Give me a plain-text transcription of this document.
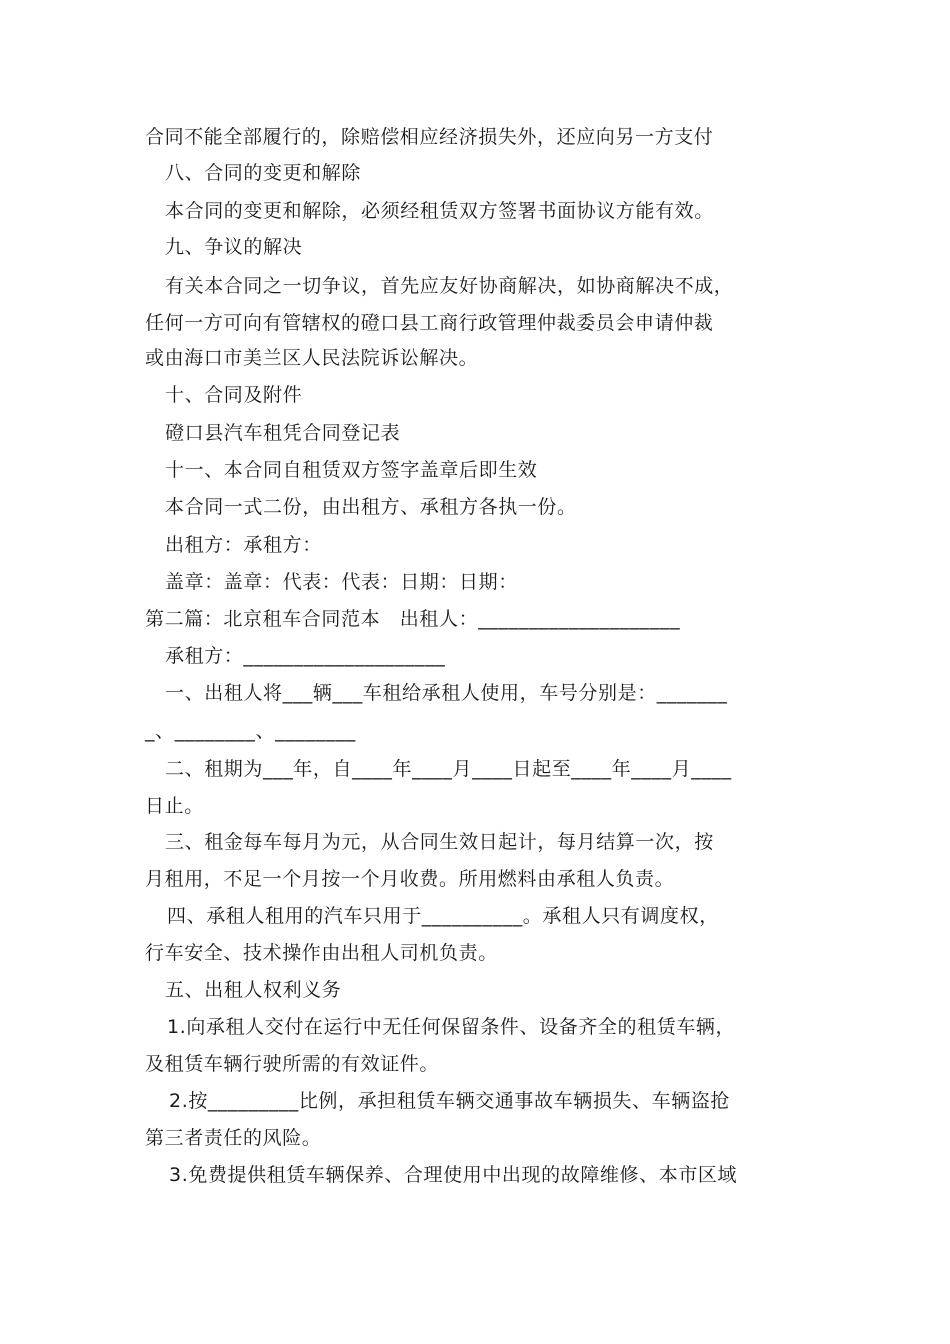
合同不能全部履行的，除赔偿相应经济损失外，还应向另一方支付
八、合同的变更和解除
本合同的变更和解除，必须经租赁双方签署书面协议方能有效。
九、争议的解决
有关本合同之一切争议，首先应友好协商解决，如协商解决不成，
任何一方可向有管辖权的磴口县工商行政管理仲裁委员会申请仲裁
或由海口市美兰区人民法院诉讼解决。
十、合同及附件
磴口县汽车租凭合同登记表
十一、本合同自租赁双方签字盖章后即生效
本合同一式二份，由出租方、承租方各执一份。
出租方：承租方：
盖章：盖章：代表：代表：日期：日期：
第二篇：北京租车合同范本　出租人：____________________
承租方：____________________
一、出租人将___辆___车租给承租人使用，车号分别是：_______
_、________、________
二、租期为___年，自____年____月____日起至____年____月____
日止。
三、租金每车每月为元，从合同生效日起计，每月结算一次，按
月租用，不足一个月按一个月收费。所用燃料由承租人负责。
四、承租人租用的汽车只用于__________。承租人只有调度权，
行车安全、技术操作由出租人司机负责。
五、出租人权利义务
1.向承租人交付在运行中无任何保留条件、设备齐全的租赁车辆，
及租赁车辆行驶所需的有效证件。
2.按_________比例，承担租赁车辆交通事故车辆损失、车辆盗抢
第三者责任的风险。
3.免费提供租赁车辆保养、合理使用中出现的故障维修、本市区域
